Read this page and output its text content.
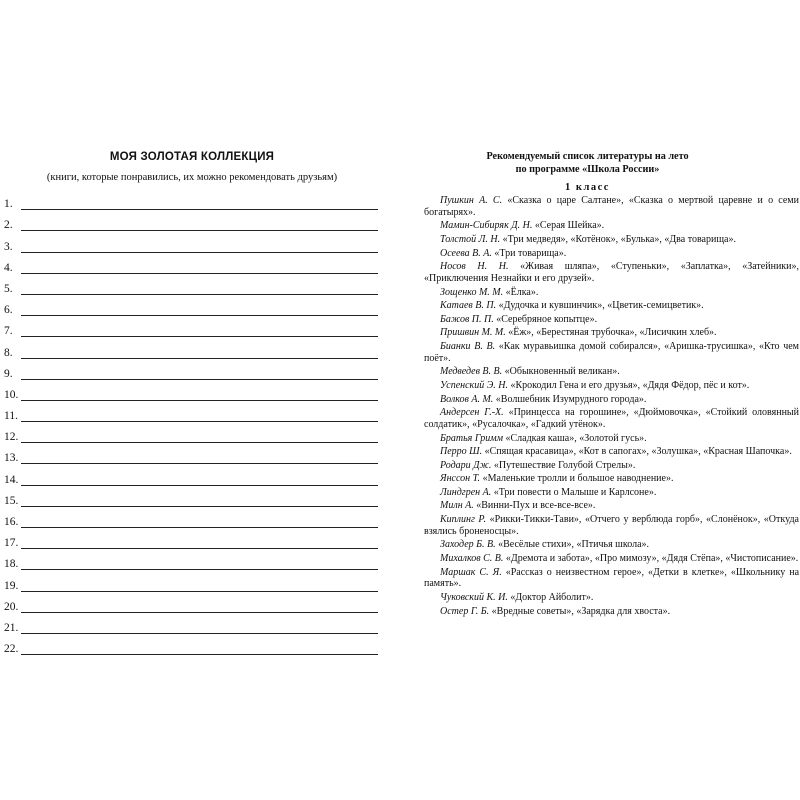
МОЯ ЗОЛОТАЯ КОЛЛЕКЦИЯ
(книги, которые понравились, их можно рекомендовать друзьям)
1.
2.
3.
4.
5.
6.
7.
8.
9.
10.
11.
12.
13.
14.
15.
16.
17.
18.
19.
20.
21.
22.
Рекомендуемый список литературы на лето
по программе «Школа России»
1 класс
Пушкин А. С. «Сказка о царе Салтане», «Сказка о мертвой царевне и о семи богатырях».
Мамин-Сибиряк Д. Н. «Серая Шейка».
Толстой Л. Н. «Три медведя», «Котёнок», «Булька», «Два товарища».
Осеева В. А. «Три товарища».
Носов Н. Н. «Живая шляпа», «Ступеньки», «Заплатка», «Затейники», «Приключения Незнайки и его друзей».
Зощенко М. М. «Ёлка».
Катаев В. П. «Дудочка и кувшинчик», «Цветик-семицветик».
Бажов П. П. «Серебряное копытце».
Пришвин М. М. «Ёж», «Берестяная трубочка», «Лисичкин хлеб».
Бианки В. В. «Как муравьишка домой собирался», «Аришка-трусишка», «Кто чем поёт».
Медведев В. В. «Обыкновенный великан».
Успенский Э. Н. «Крокодил Гена и его друзья», «Дядя Фёдор, пёс и кот».
Волков А. М. «Волшебник Изумрудного города».
Андерсен Г.-Х. «Принцесса на горошине», «Дюймовочка», «Стойкий оловянный солдатик», «Русалочка», «Гадкий утёнок».
Братья Гримм «Сладкая каша», «Золотой гусь».
Перро Ш. «Спящая красавица», «Кот в сапогах», «Золушка», «Красная Шапочка».
Родари Дж. «Путешествие Голубой Стрелы».
Янссон Т. «Маленькие тролли и большое наводнение».
Линдгрен А. «Три повести о Малыше и Карлсоне».
Милн А. «Винни-Пух и все-все-все».
Киплинг Р. «Рикки-Тикки-Тави», «Отчего у верблюда горб», «Слонёнок», «Откуда взялись броненосцы».
Заходер Б. В. «Весёлые стихи», «Птичья школа».
Михалков С. В. «Дремота и забота», «Про мимозу», «Дядя Стёпа», «Чистописание».
Маршак С. Я. «Рассказ о неизвестном герое», «Детки в клетке», «Школьнику на память».
Чуковский К. И. «Доктор Айболит».
Остер Г. Б. «Вредные советы», «Зарядка для хвоста».
